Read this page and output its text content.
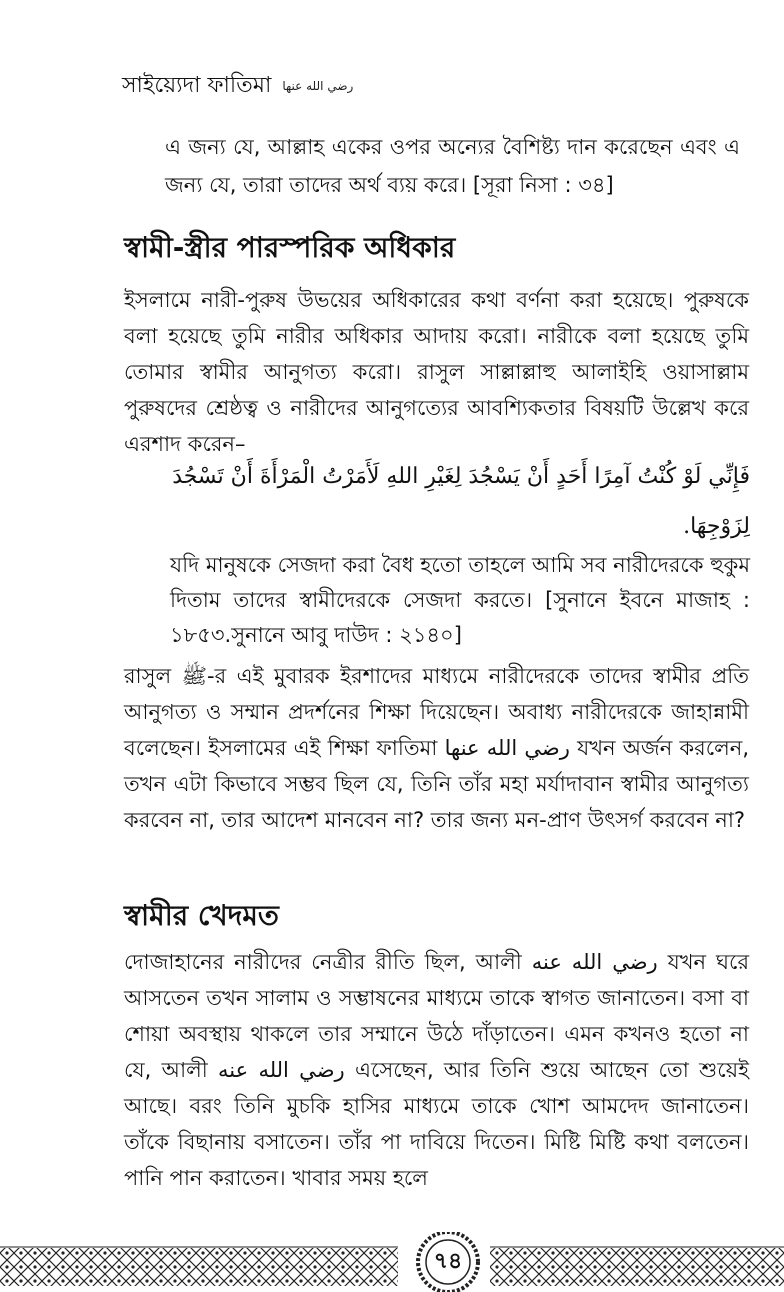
সাইয়্যেদা ফাতিমা رضي الله عنها
এ জন্য যে, আল্লাহ একের ওপর অন্যের বৈশিষ্ট্য দান করেছেন এবং এ জন্য যে, তারা তাদের অর্থ ব্যয় করে। [সূরা নিসা : ৩৪]
স্বামী-স্ত্রীর পারস্পরিক অধিকার
ইসলামে নারী-পুরুষ উভয়ের অধিকারের কথা বর্ণনা করা হয়েছে। পুরুষকে বলা হয়েছে তুমি নারীর অধিকার আদায় করো। নারীকে বলা হয়েছে তুমি তোমার স্বামীর আনুগত্য করো। রাসুল সাল্লাল্লাহু আলাইহি ওয়াসাল্লাম পুরুষদের শ্রেষ্ঠত্ব ও নারীদের আনুগত্যের আবশ্যিকতার বিষয়টি উল্লেখ করে এরশাদ করেন–
فَإِنِّي لَوْ كُنْتُ آمِرًا أَحَدٍ أَنْ يَسْجُدَ لِغَيْرِ اللهِ لَأَمَرْتُ الْمَرْأَةَ أَنْ تَسْجُدَ لِزَوْجِهَا.
যদি মানুষকে সেজদা করা বৈধ হতো তাহলে আমি সব নারীদেরকে হুকুম দিতাম তাদের স্বামীদেরকে সেজদা করতে। [সুনানে ইবনে মাজাহ : ১৮৫৩.সুনানে আবু দাউদ : ২১৪০]
রাসুল ﷺ-র এই মুবারক ইরশাদের মাধ্যমে নারীদেরকে তাদের স্বামীর প্রতি আনুগত্য ও সম্মান প্রদর্শনের শিক্ষা দিয়েছেন। অবাধ্য নারীদেরকে জাহান্নামী বলেছেন। ইসলামের এই শিক্ষা ফাতিমা رضي الله عنها যখন অর্জন করলেন, তখন এটা কিভাবে সম্ভব ছিল যে, তিনি তাঁর মহা মর্যাদাবান স্বামীর আনুগত্য করবেন না, তার আদেশ মানবেন না? তার জন্য মন-প্রাণ উৎসর্গ করবেন না?
স্বামীর খেদমত
দোজাহানের নারীদের নেত্রীর রীতি ছিল, আলী رضي الله عنه যখন ঘরে আসতেন তখন সালাম ও সম্ভাষনের মাধ্যমে তাকে স্বাগত জানাতেন। বসা বা শোয়া অবস্থায় থাকলে তার সম্মানে উঠে দাঁড়াতেন। এমন কখনও হতো না যে, আলী رضي الله عنه এসেছেন, আর তিনি শুয়ে আছেন তো শুয়েই আছে। বরং তিনি মুচকি হাসির মাধ্যমে তাকে খোশ আমদেদ জানাতেন। তাঁকে বিছানায় বসাতেন। তাঁর পা দাবিয়ে দিতেন। মিষ্টি মিষ্টি কথা বলতেন। পানি পান করাতেন। খাবার সময় হলে
৭৪
